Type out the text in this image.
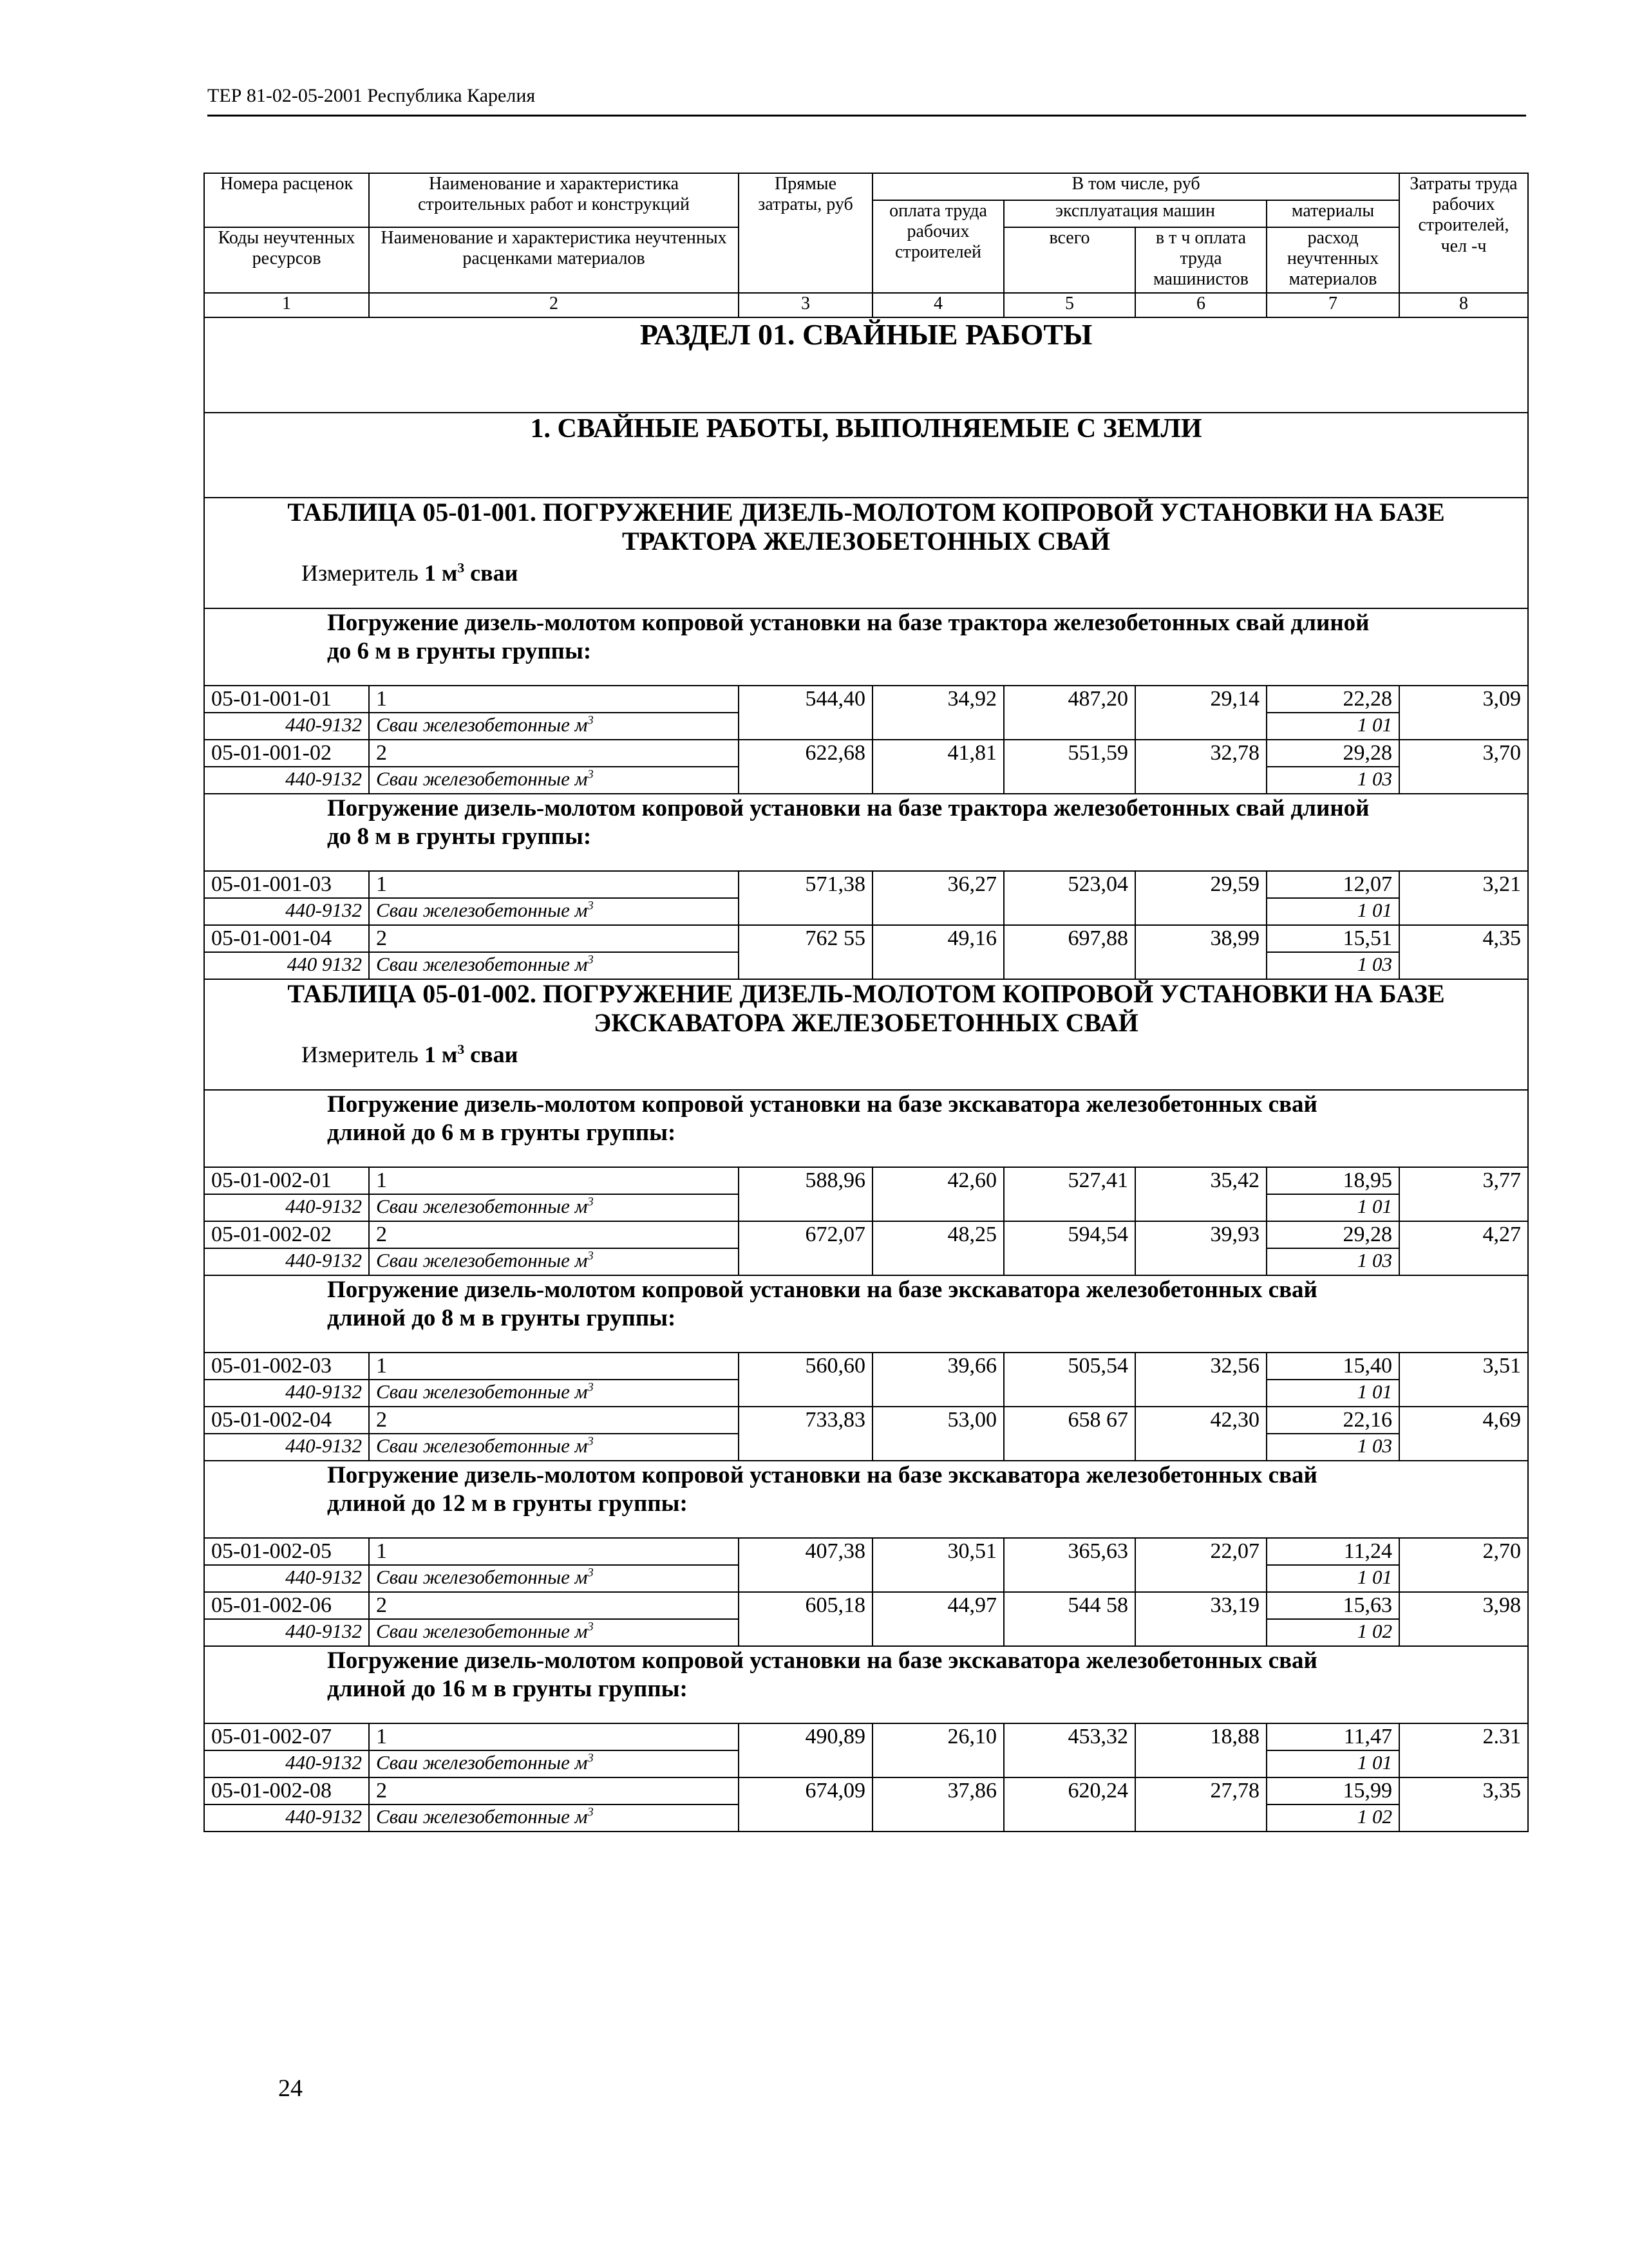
ТЕР 81-02-05-2001 Республика Карелия
Номера расценок	Наименование и характеристика строительных работ и конструкций	Прямые затраты, руб	В том числе, руб				Затраты труда рабочих строителей, чел -ч
			оплата труда рабочих строителей	эксплуатация машин		материалы	
Коды неучтенных ресурсов	Наименование и характеристика неучтенных расценками материалов			всего	в т ч оплата труда машинистов	расход неучтенных материалов	
1	2	3	4	5	6	7	8
РАЗДЕЛ 01. СВАЙНЫЕ РАБОТЫ							
1. СВАЙНЫЕ РАБОТЫ, ВЫПОЛНЯЕМЫЕ С ЗЕМЛИ							

ТАБЛИЦА 05-01-001. ПОГРУЖЕНИЕ ДИЗЕЛЬ-МОЛОТОМ КОПРОВОЙ УСТАНОВКИ НА БАЗЕ
ТРАКТОРА ЖЕЛЕЗОБЕТОННЫХ СВАЙ
Измеритель 1 $м^3$ сваи							

Погружение дизель-молотом копровой установки на базе трактора железобетонных свай длиной
до 6 м в грунты группы:							

05-01-001-01	1	544,40	34,92	487,20	29,14	22,28	3,09
440-9132	Сваи железобетонные $м^3$					1 01	
05-01-001-02	2	622,68	41,81	551,59	32,78	29,28	3,70
440-9132	Сваи железобетонные $м^3$					1 03	

Погружение дизель-молотом копровой установки на базе трактора железобетонных свай длиной
до 8 м в грунты группы:							

05-01-001-03	1	571,38	36,27	523,04	29,59	12,07	3,21
440-9132	Сваи железобетонные $м^3$					1 01	
05-01-001-04	2	762 55	49,16	697,88	38,99	15,51	4,35
440 9132	Сваи железобетонные $м^3$					1 03	

ТАБЛИЦА 05-01-002. ПОГРУЖЕНИЕ ДИЗЕЛЬ-МОЛОТОМ КОПРОВОЙ УСТАНОВКИ НА БАЗЕ
ЭКСКАВАТОРА ЖЕЛЕЗОБЕТОННЫХ СВАЙ
Измеритель 1 $м^3$ сваи							

Погружение дизель-молотом копровой установки на базе экскаватора железобетонных свай
длиной до 6 м в грунты группы:							

05-01-002-01	1	588,96	42,60	527,41	35,42	18,95	3,77
440-9132	Сваи железобетонные $м^3$					1 01	
05-01-002-02	2	672,07	48,25	594,54	39,93	29,28	4,27
440-9132	Сваи железобетонные $м^3$					1 03	

Погружение дизель-молотом копровой установки на базе экскаватора железобетонных свай
длиной до 8 м в грунты группы:							

05-01-002-03	1	560,60	39,66	505,54	32,56	15,40	3,51
440-9132	Сваи железобетонные $м^3$					1 01	
05-01-002-04	2	733,83	53,00	658 67	42,30	22,16	4,69
440-9132	Сваи железобетонные $м^3$					1 03	

Погружение дизель-молотом копровой установки на базе экскаватора железобетонных свай
длиной до 12 м в грунты группы:							

05-01-002-05	1	407,38	30,51	365,63	22,07	11,24	2,70
440-9132	Сваи железобетонные $м^3$					1 01	
05-01-002-06	2	605,18	44,97	544 58	33,19	15,63	3,98
440-9132	Сваи железобетонные $м^3$					1 02	

Погружение дизель-молотом копровой установки на базе экскаватора железобетонных свай
длиной до 16 м в грунты группы:							

05-01-002-07	1	490,89	26,10	453,32	18,88	11,47	2.31
440-9132	Сваи железобетонные $м^3$					1 01	
05-01-002-08	2	674,09	37,86	620,24	27,78	15,99	3,35
440-9132	Сваи железобетонные $м^3$					1 02	
24
